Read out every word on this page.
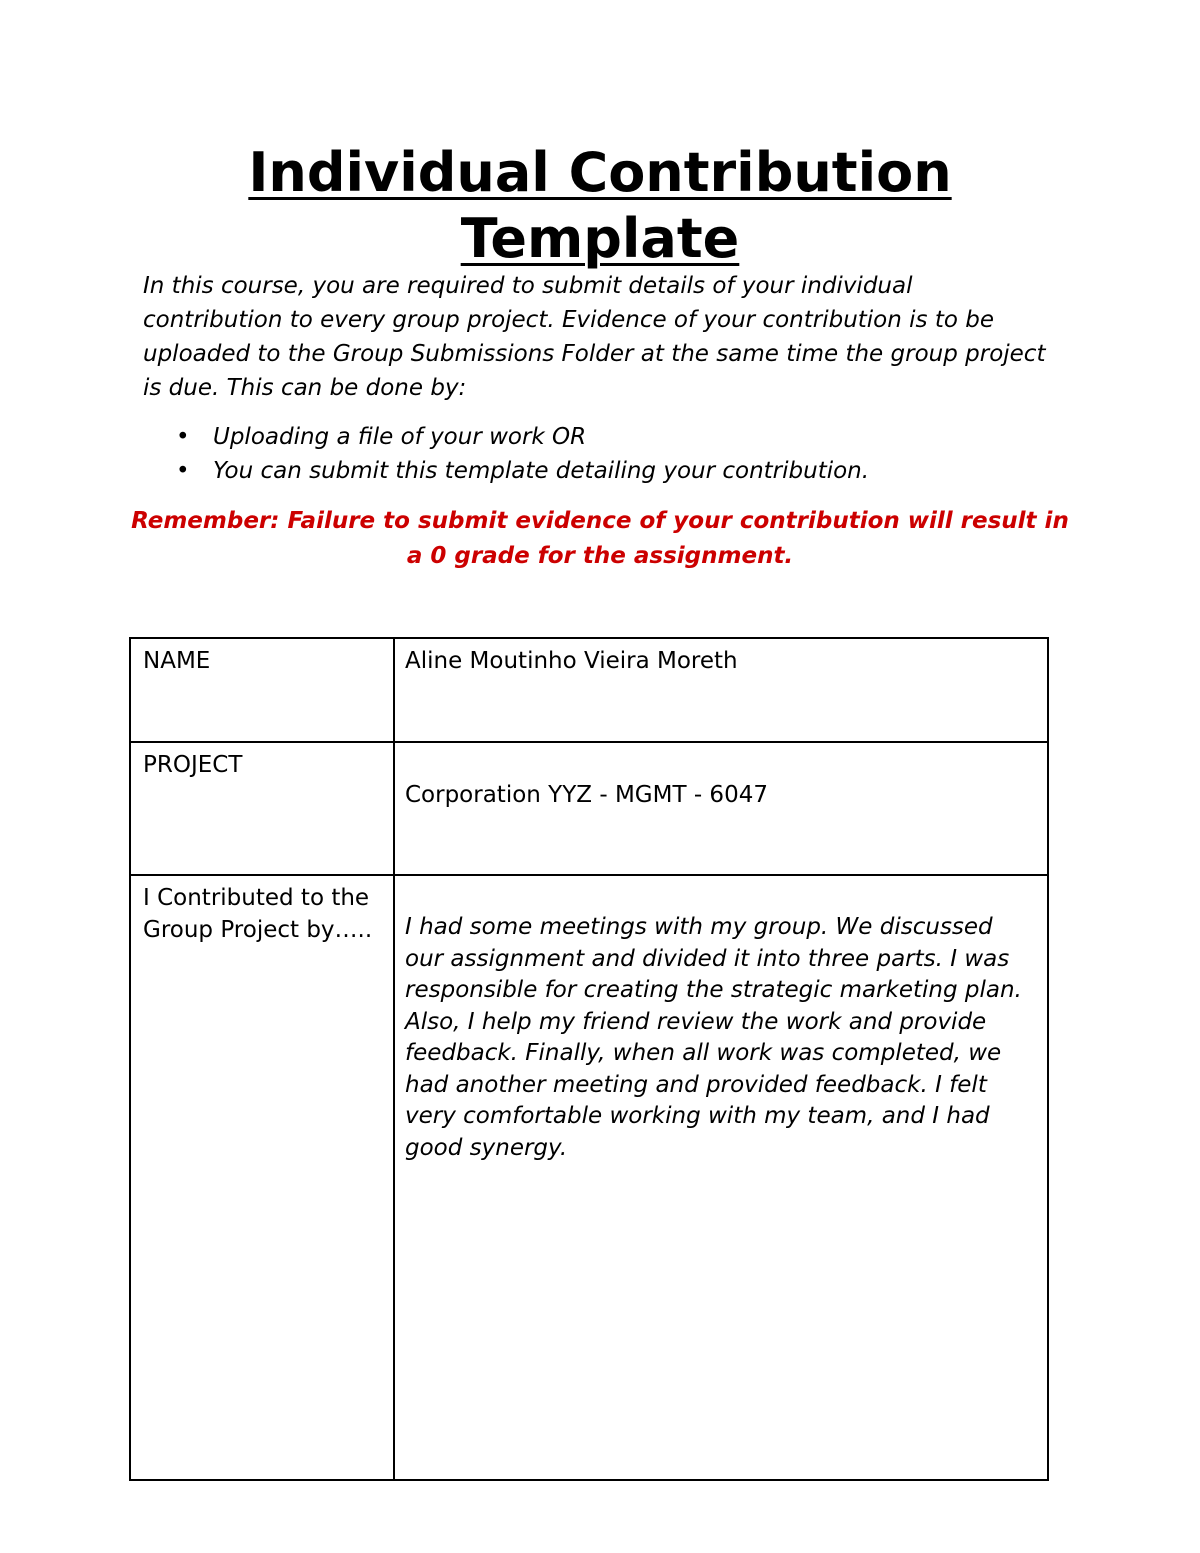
Individual Contribution
Template

In this course, you are required to submit details of your individual contribution to every group project. Evidence of your contribution is to be uploaded to the Group Submissions Folder at the same time the group project is due. This can be done by:

• Uploading a file of your work OR
• You can submit this template detailing your contribution.

Remember: Failure to submit evidence of your contribution will result in a 0 grade for the assignment.

NAME	Aline Moutinho Vieira Moreth
PROJECT	Corporation YYZ - MGMT - 6047
I Contributed to the Group Project by…..	I had some meetings with my group. We discussed our assignment and divided it into three parts. I was responsible for creating the strategic marketing plan. Also, I help my friend review the work and provide feedback. Finally, when all work was completed, we had another meeting and provided feedback. I felt very comfortable working with my team, and I had good synergy.
